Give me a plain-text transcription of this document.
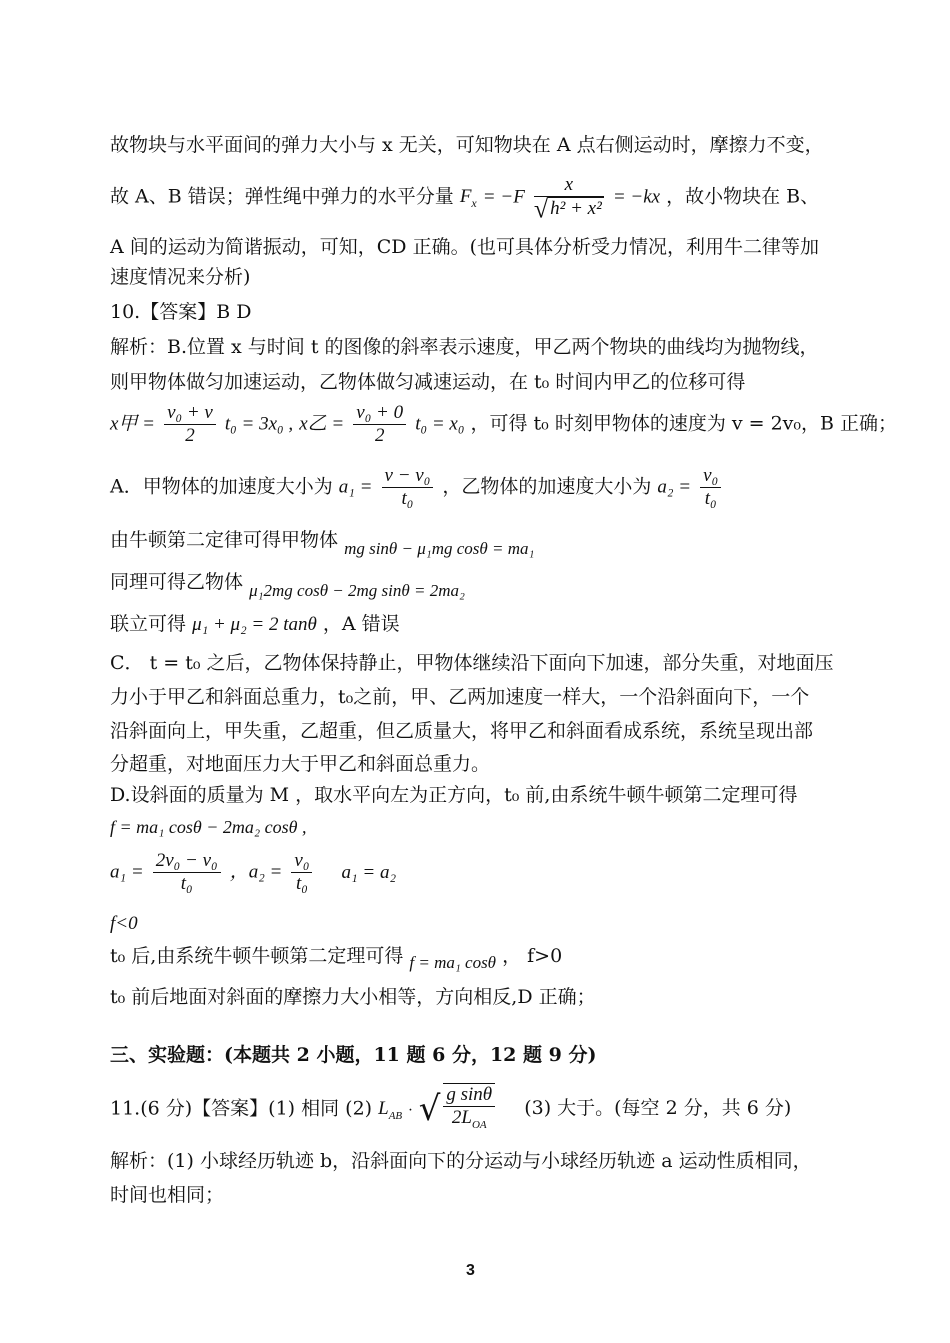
故物块与水平面间的弹力大小与 x 无关，可知物块在 A 点右侧运动时，摩擦力不变，
故 A、B 错误；弹性绳中弹力的水平分量 $F_x = -F \frac{x}{\text{√ h² + x²}} = -kx$ ，故小物块在 B、
A 间的运动为简谐振动，可知，CD 正确。(也可具体分析受力情况，利用牛二律等加
速度情况来分析)
10.【答案】B D
解析：B.位置 x 与时间 t 的图像的斜率表示速度，甲乙两个物块的曲线均为抛物线，
则甲物体做匀加速运动，乙物体做匀减速运动，在 t₀ 时间内甲乙的位移可得
x甲 = $\frac{\text{v₀ + v}}{2} t_0 = 3x_0$ , x乙 = $\frac{\text{v₀ + 0}}{2} t_0 = x_0$ ，可得 t₀ 时刻甲物体的速度为 v = 2v₀，B 正确；
A．甲物体的加速度大小为 $a_1 = \frac{\text{v − v₀}}{\text{t₀}}$ ，乙物体的加速度大小为 $a_2 = \frac{\text{v₀}}{\text{t₀}}$
由牛顿第二定律可得甲物体 mg sinθ − μ₁mg cosθ = ma₁
同理可得乙物体 μ₁2mg cosθ − 2mg sinθ = 2ma₂
联立可得 μ₁ + μ₂ = 2 tanθ ，A 错误
C． t = t₀ 之后，乙物体保持静止，甲物体继续沿下面向下加速，部分失重，对地面压
力小于甲乙和斜面总重力，t₀之前，甲、乙两加速度一样大，一个沿斜面向下，一个
沿斜面向上，甲失重，乙超重，但乙质量大，将甲乙和斜面看成系统，系统呈现出部
分超重，对地面压力大于甲乙和斜面总重力。
D.设斜面的质量为 M ，取水平向左为正方向，t₀ 前,由系统牛顿牛顿第二定理可得
f = ma₁ cosθ − 2ma₂ cosθ ,
$a_1 = \frac{\text{2v₀ − v₀}}{\text{t₀}}$ ，$a_2 = \frac{\text{v₀}}{\text{t₀}} a_1 = a_2$
f<0
t₀ 后,由系统牛顿牛顿第二定理可得 f = ma₁ cosθ ， f>0
t₀ 前后地面对斜面的摩擦力大小相等，方向相反,D 正确；
三、实验题：(本题共 2 小题，11 题 6 分，12 题 9 分)
11.(6 分)【答案】(1) 相同 (2) $L_{AB}$ · √ $\frac{\text{g sinθ}}{2L_{OA}} (3)$ 大于。(每空 2 分，共 6 分)
解析：(1) 小球经历轨迹 b，沿斜面向下的分运动与小球经历轨迹 a 运动性质相同，
时间也相同；
3
